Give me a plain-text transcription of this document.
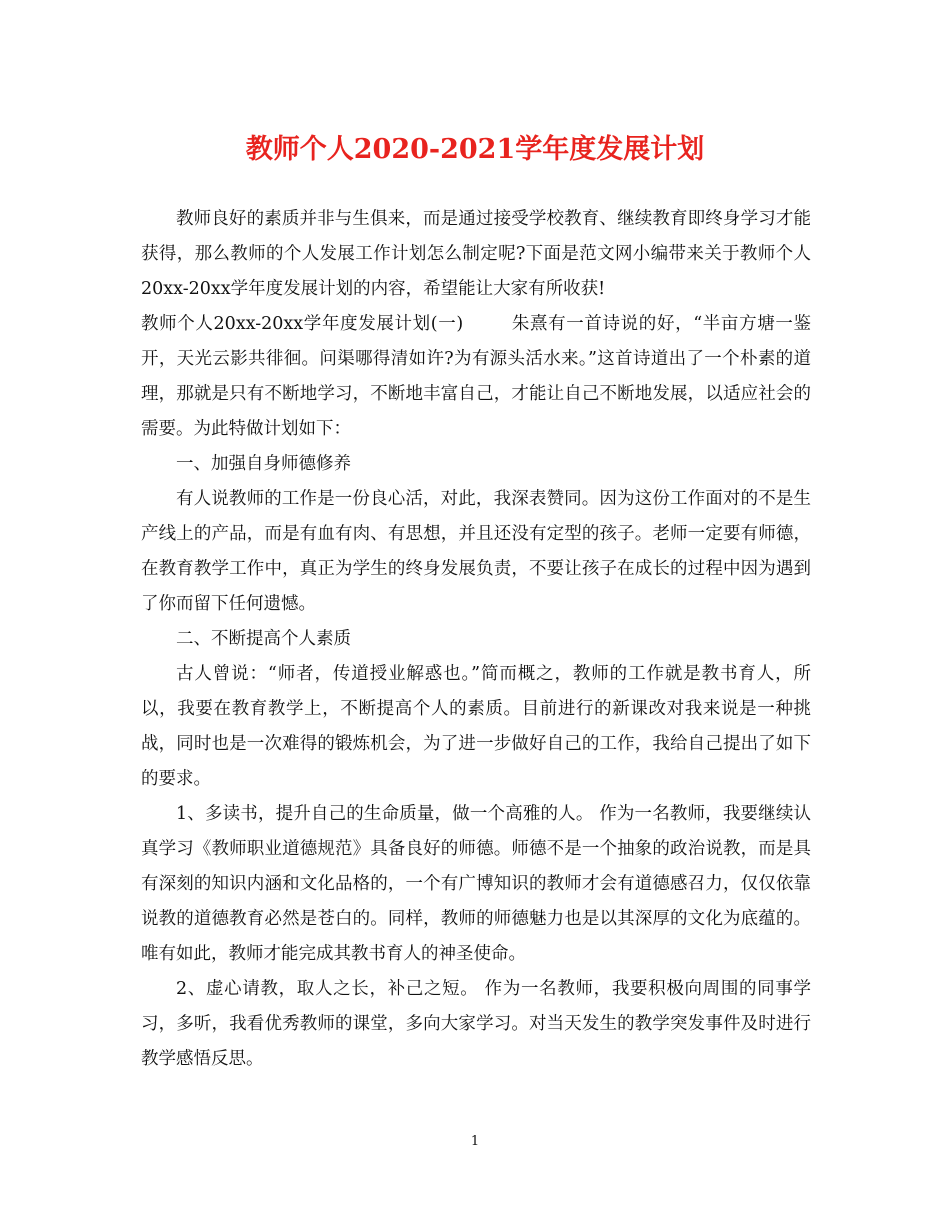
教师个人2020-2021学年度发展计划

教师良好的素质并非与生俱来，而是通过接受学校教育、继续教育即终身学习才能获得，那么教师的个人发展工作计划怎么制定呢?下面是范文网小编带来关于教师个人20xx-20xx学年度发展计划的内容，希望能让大家有所收获!

教师个人20xx-20xx学年度发展计划(一)	朱熹有一首诗说的好，“半亩方塘一鉴开，天光云影共徘徊。问渠哪得清如许?为有源头活水来。”这首诗道出了一个朴素的道理，那就是只有不断地学习，不断地丰富自己，才能让自己不断地发展，以适应社会的需要。为此特做计划如下：

一、加强自身师德修养

有人说教师的工作是一份良心活，对此，我深表赞同。因为这份工作面对的不是生产线上的产品，而是有血有肉、有思想，并且还没有定型的孩子。老师一定要有师德，在教育教学工作中，真正为学生的终身发展负责，不要让孩子在成长的过程中因为遇到了你而留下任何遗憾。

二、不断提高个人素质

古人曾说：“师者，传道授业解惑也。”简而概之，教师的工作就是教书育人，所以，我要在教育教学上，不断提高个人的素质。目前进行的新课改对我来说是一种挑战，同时也是一次难得的锻炼机会，为了进一步做好自己的工作，我给自己提出了如下的要求。

1、多读书，提升自己的生命质量，做一个高雅的人。 作为一名教师，我要继续认真学习《教师职业道德规范》具备良好的师德。师德不是一个抽象的政治说教，而是具有深刻的知识内涵和文化品格的，一个有广博知识的教师才会有道德感召力，仅仅依靠说教的道德教育必然是苍白的。同样，教师的师德魅力也是以其深厚的文化为底蕴的。唯有如此，教师才能完成其教书育人的神圣使命。

2、虚心请教，取人之长，补己之短。 作为一名教师，我要积极向周围的同事学习，多听，我看优秀教师的课堂，多向大家学习。对当天发生的教学突发事件及时进行教学感悟反思。

1
